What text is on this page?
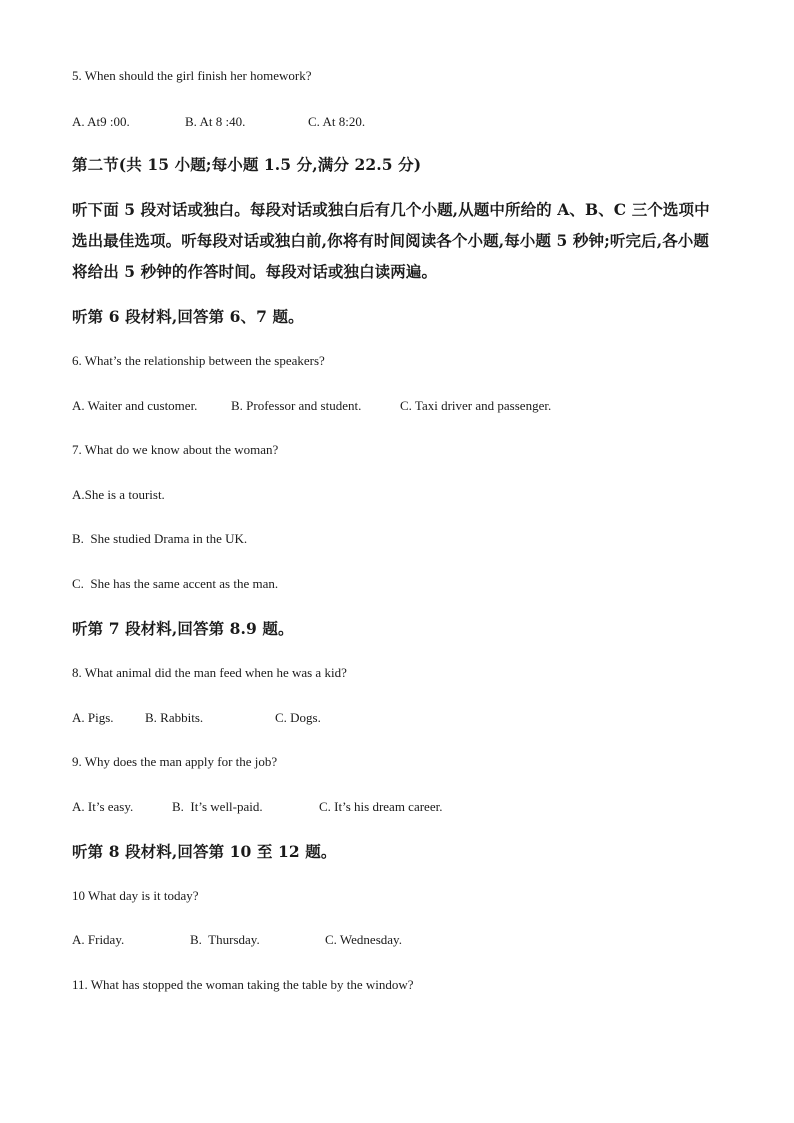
5. When should the girl finish her homework?
A. At9 :00.	B. At 8 :40.	C. At 8:20.
第二节(共 15 小题;每小题 1.5 分,满分 22.5 分)
听下面 5 段对话或独白。每段对话或独白后有几个小题,从题中所给的 A、B、C 三个选项中
选出最佳选项。听每段对话或独白前,你将有时间阅读各个小题,每小题 5 秒钟;听完后,各小题
将给出 5 秒钟的作答时间。每段对话或独白读两遍。
听第 6 段材料,回答第 6、7 题。
6. What’s the relationship between the speakers?
A. Waiter and customer.	B. Professor and student.	C. Taxi driver and passenger.
7. What do we know about the woman?
A.She is a tourist.
B.  She studied Drama in the UK.
C.  She has the same accent as the man.
听第 7 段材料,回答第 8.9 题。
8. What animal did the man feed when he was a kid?
A. Pigs. B. Rabbits.	C. Dogs.
9. Why does the man apply for the job?
A. It’s easy.	B.  It’s well-paid.	C. It’s his dream career.
听第 8 段材料,回答第 10 至 12 题。
10 What day is it today?
A. Friday.	B.  Thursday.	C. Wednesday.
11. What has stopped the woman taking the table by the window?
